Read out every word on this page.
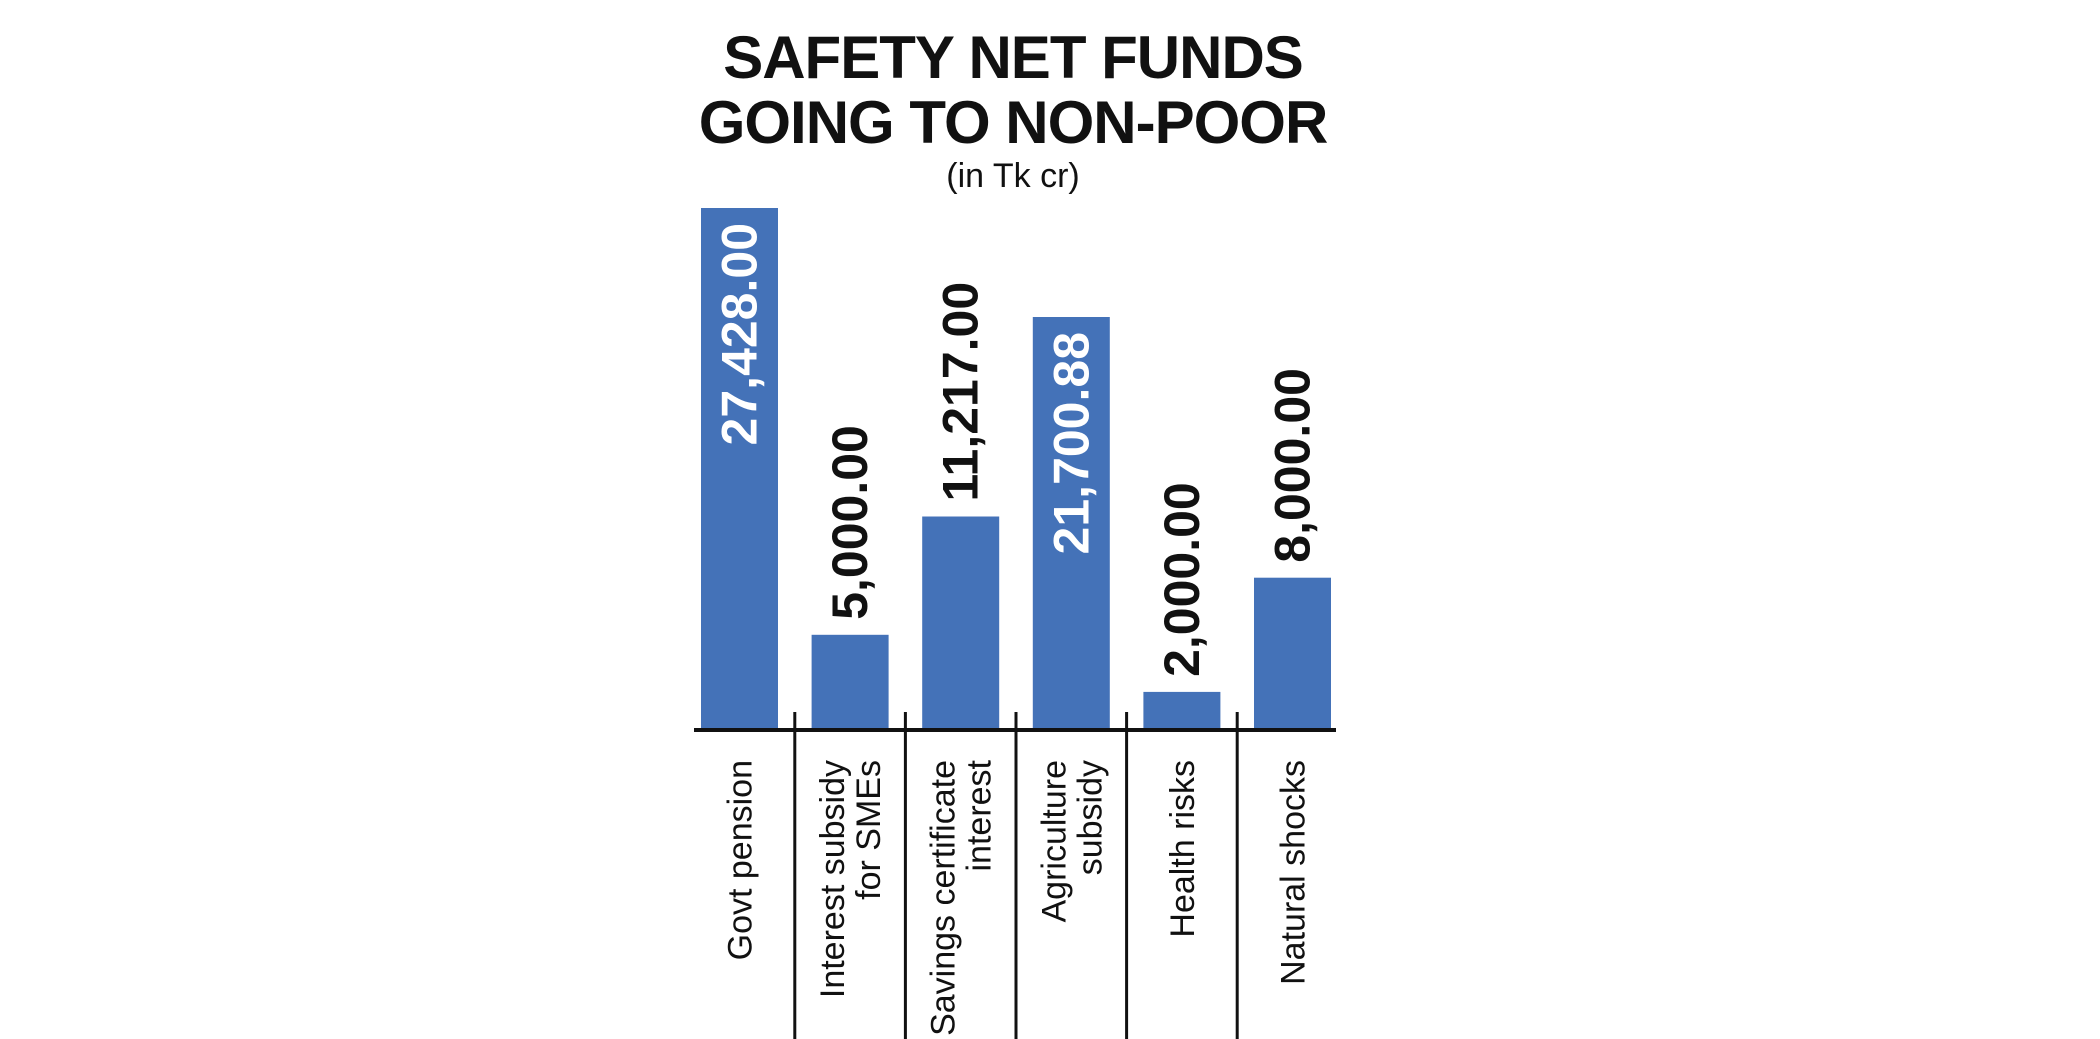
SAFETY NET FUNDS
GOING TO NON-POOR
(in Tk cr)
27,428.00
5,000.00
11,217.00 21,700.88
2,000.00
8,000.00
Govt pension Interest subsidy
for SMEs Savings certificate
interest Agriculture
subsidy Health risks Natural shocks
